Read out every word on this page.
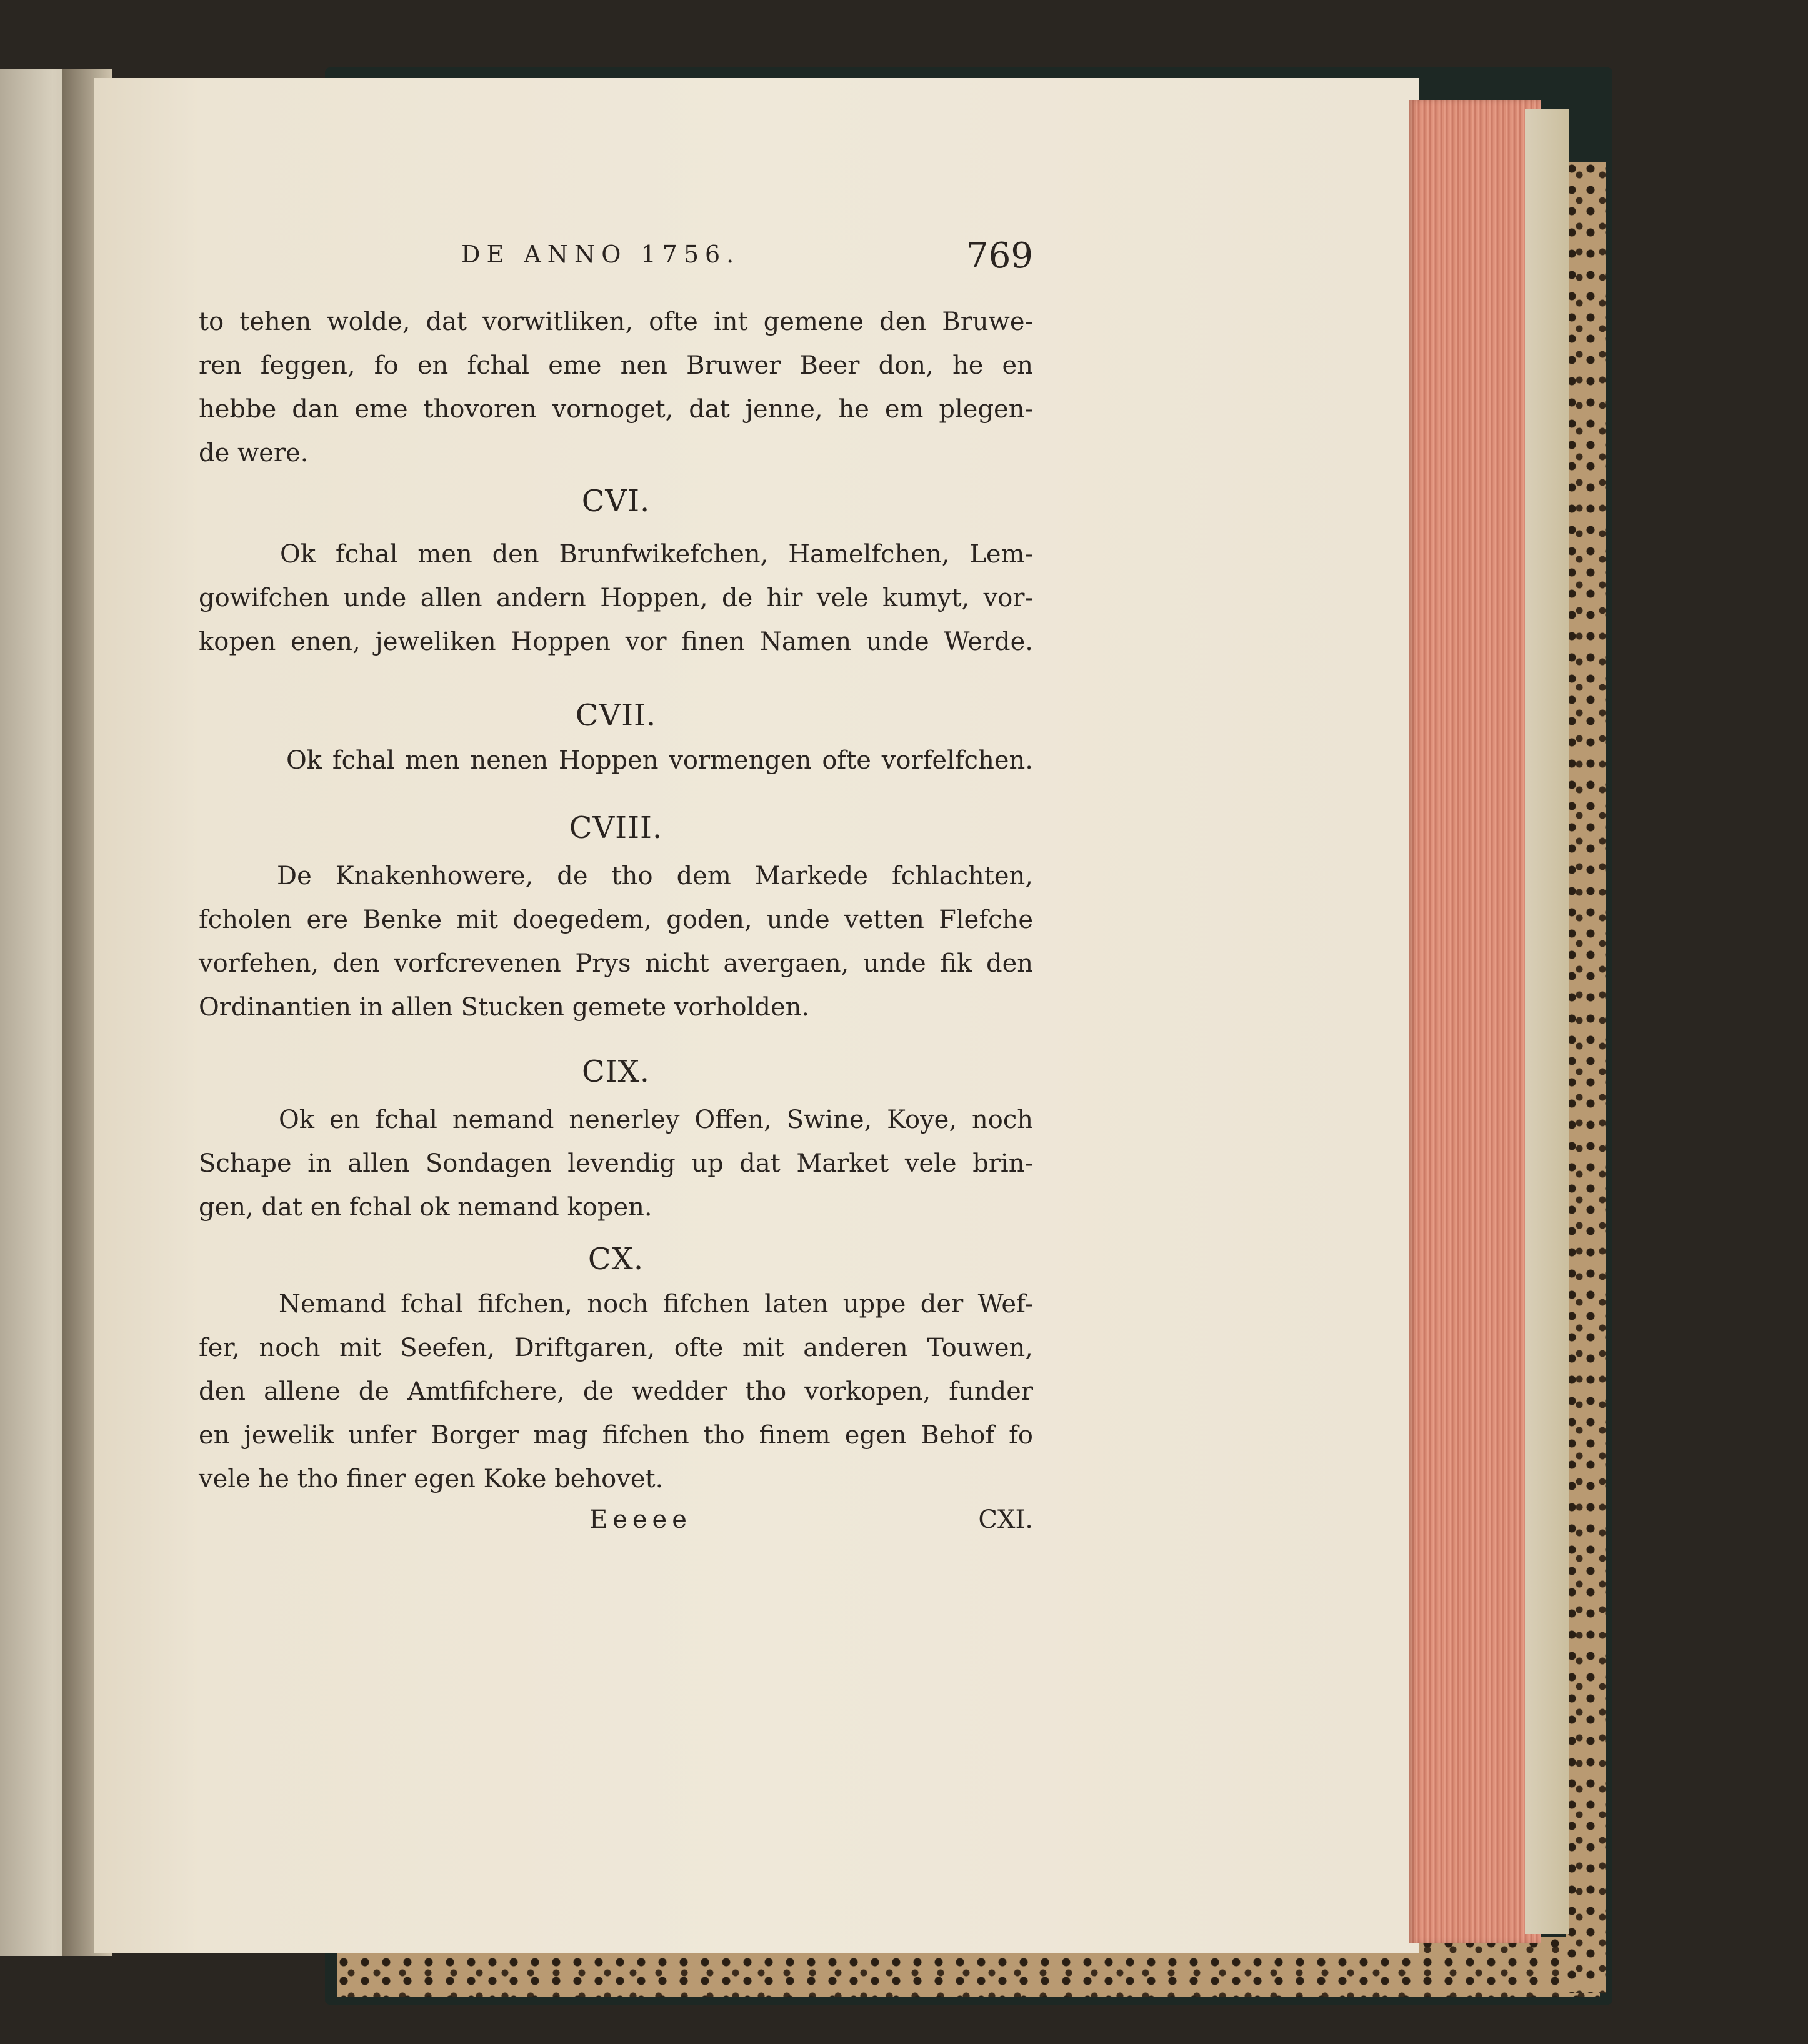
DE ANNO 1756.	769
to tehen wolde, dat vorwitliken, ofte int gemene den Bruwe-
ren feggen, fo en fchal eme nen Bruwer Beer don, he en
hebbe dan eme thovoren vornoget, dat jenne, he em plegen-
de were.
CVI.
Ok fchal men den Brunfwikefchen, Hamelfchen, Lem-
gowifchen unde allen andern Hoppen, de hir vele kumyt, vor-
kopen enen, jeweliken Hoppen vor finen Namen unde Werde.
CVII.
Ok fchal men nenen Hoppen vormengen ofte vorfelfchen.
CVIII.
De Knakenhowere, de tho dem Markede fchlachten,
fcholen ere Benke mit doegedem, goden, unde vetten Flefche
vorfehen, den vorfcrevenen Prys nicht avergaen, unde fik den
Ordinantien in allen Stucken gemete vorholden.
CIX.
Ok en fchal nemand nenerley Offen, Swine, Koye, noch
Schape in allen Sondagen levendig up dat Market vele brin-
gen, dat en fchal ok nemand kopen.
CX.
Nemand fchal fifchen, noch fifchen laten uppe der Wef-
fer, noch mit Seefen, Driftgaren, ofte mit anderen Touwen,
den allene de Amtfifchere, de wedder tho vorkopen, funder
en jewelik unfer Borger mag fifchen tho finem egen Behof fo
vele he tho finer egen Koke behovet.
Eeeee	CXI.
